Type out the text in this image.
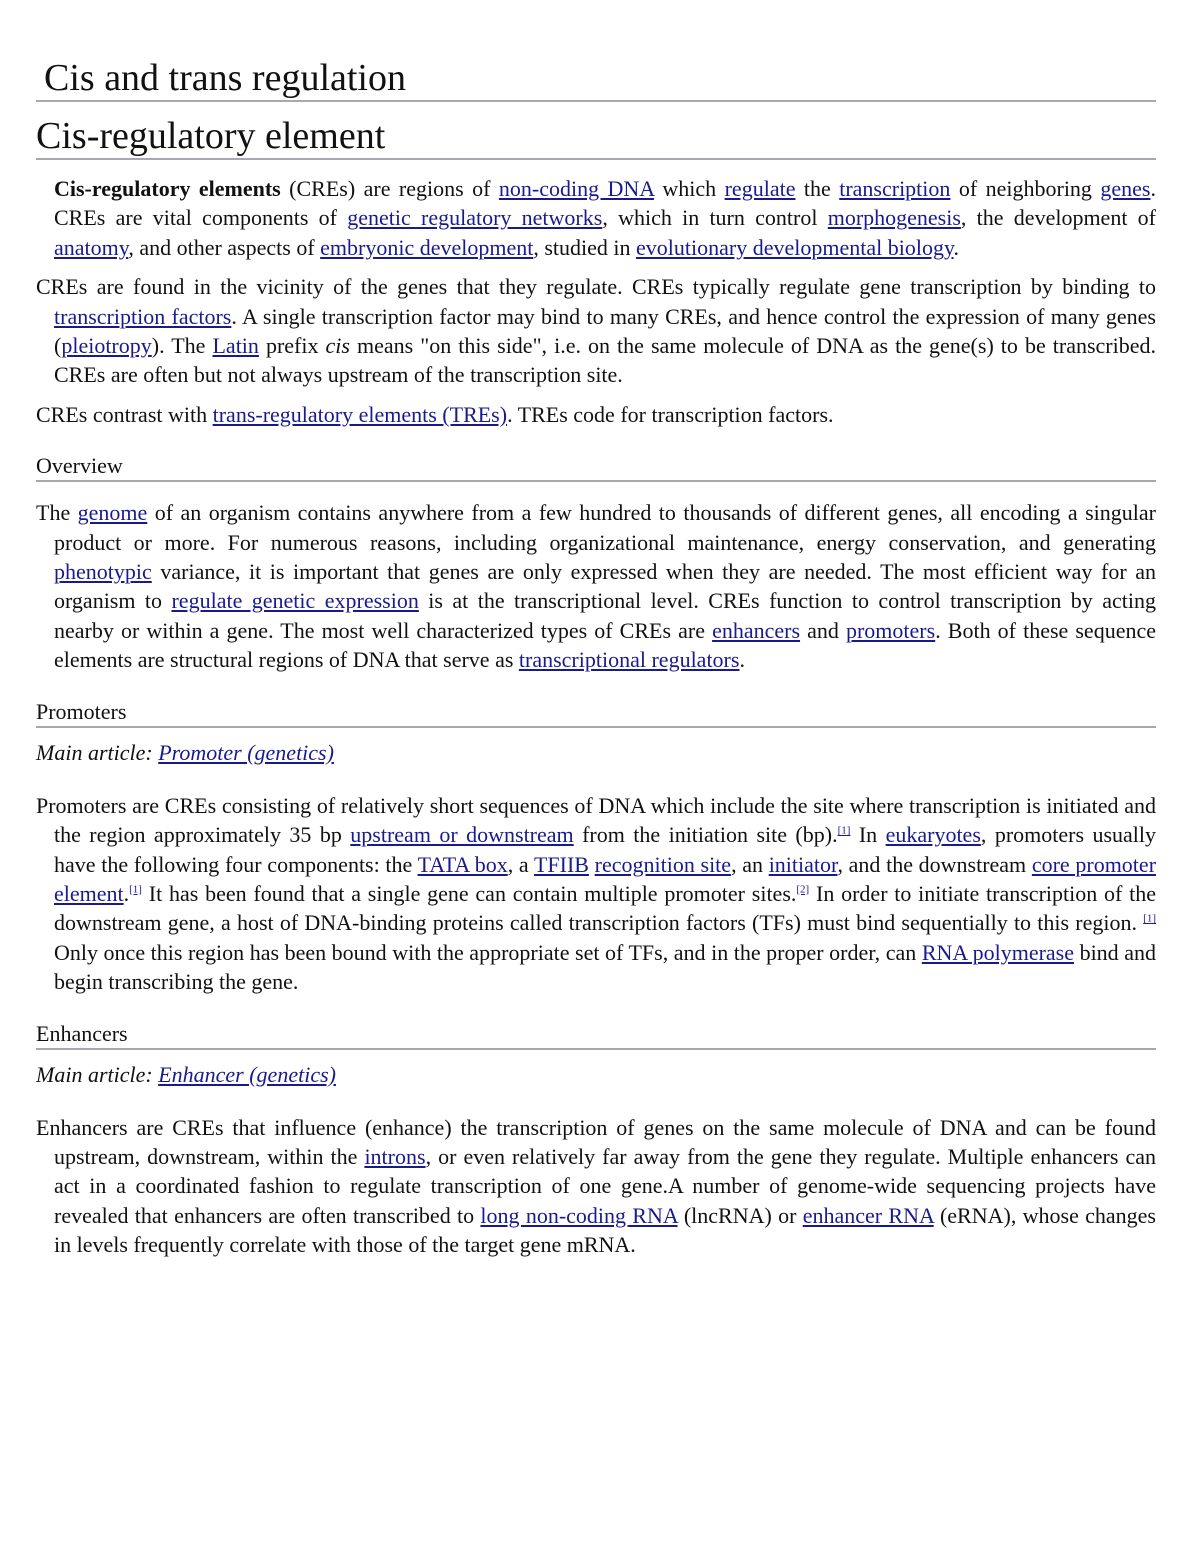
Cis and trans regulation
Cis-regulatory element

Cis-regulatory elements (CREs) are regions of non-coding DNA which regulate the transcription of neighboring genes. CREs are vital components of genetic regulatory networks, which in turn control morphogenesis, the development of anatomy, and other aspects of embryonic development, studied in evolutionary developmental biology.

CREs are found in the vicinity of the genes that they regulate. CREs typically regulate gene transcription by binding to transcription factors. A single transcription factor may bind to many CREs, and hence control the expression of many genes (pleiotropy). The Latin prefix cis means "on this side", i.e. on the same molecule of DNA as the gene(s) to be transcribed. CREs are often but not always upstream of the transcription site.

CREs contrast with trans-regulatory elements (TREs). TREs code for transcription factors.

Overview

The genome of an organism contains anywhere from a few hundred to thousands of different genes, all encoding a singular product or more. For numerous reasons, including organizational maintenance, energy conservation, and generating phenotypic variance, it is important that genes are only expressed when they are needed. The most efficient way for an organism to regulate genetic expression is at the transcriptional level. CREs function to control transcription by acting nearby or within a gene. The most well characterized types of CREs are enhancers and promoters. Both of these sequence elements are structural regions of DNA that serve as transcriptional regulators.

Promoters
Main article: Promoter (genetics)

Promoters are CREs consisting of relatively short sequences of DNA which include the site where transcription is initiated and the region approximately 35 bp upstream or downstream from the initiation site (bp).[1] In eukaryotes, promoters usually have the following four components: the TATA box, a TFIIB recognition site, an initiator, and the downstream core promoter element.[1] It has been found that a single gene can contain multiple promoter sites.[2] In order to initiate transcription of the downstream gene, a host of DNA-binding proteins called transcription factors (TFs) must bind sequentially to this region. [1] Only once this region has been bound with the appropriate set of TFs, and in the proper order, can RNA polymerase bind and begin transcribing the gene.

Enhancers
Main article: Enhancer (genetics)

Enhancers are CREs that influence (enhance) the transcription of genes on the same molecule of DNA and can be found upstream, downstream, within the introns, or even relatively far away from the gene they regulate. Multiple enhancers can act in a coordinated fashion to regulate transcription of one gene.A number of genome-wide sequencing projects have revealed that enhancers are often transcribed to long non-coding RNA (lncRNA) or enhancer RNA (eRNA), whose changes in levels frequently correlate with those of the target gene mRNA.
